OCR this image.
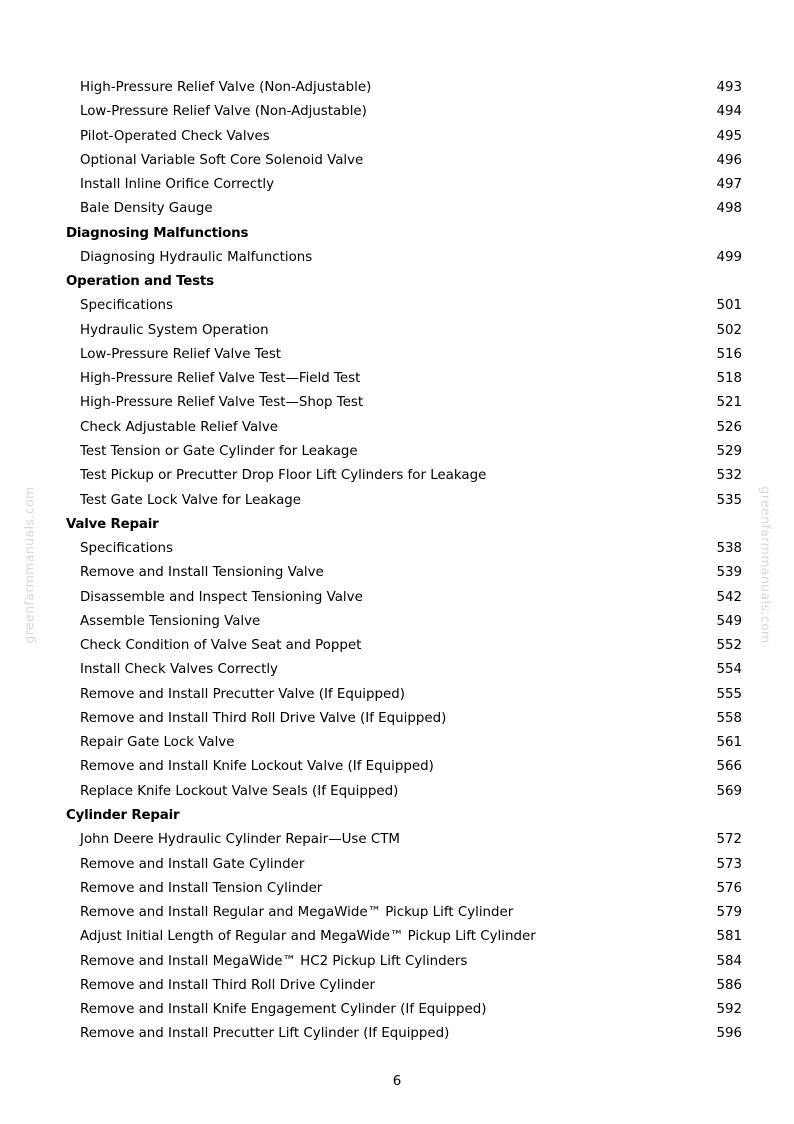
High-Pressure Relief Valve (Non-Adjustable)	493
Low-Pressure Relief Valve (Non-Adjustable)	494
Pilot-Operated Check Valves	495
Optional Variable Soft Core Solenoid Valve	496
Install Inline Orifice Correctly	497
Bale Density Gauge	498
Diagnosing Malfunctions
Diagnosing Hydraulic Malfunctions	499
Operation and Tests
Specifications	501
Hydraulic System Operation	502
Low-Pressure Relief Valve Test	516
High-Pressure Relief Valve Test—Field Test	518
High-Pressure Relief Valve Test—Shop Test	521
Check Adjustable Relief Valve	526
Test Tension or Gate Cylinder for Leakage	529
Test Pickup or Precutter Drop Floor Lift Cylinders for Leakage	532
Test Gate Lock Valve for Leakage	535
Valve Repair
Specifications	538
Remove and Install Tensioning Valve	539
Disassemble and Inspect Tensioning Valve	542
Assemble Tensioning Valve	549
Check Condition of Valve Seat and Poppet	552
Install Check Valves Correctly	554
Remove and Install Precutter Valve (If Equipped)	555
Remove and Install Third Roll Drive Valve (If Equipped)	558
Repair Gate Lock Valve	561
Remove and Install Knife Lockout Valve (If Equipped)	566
Replace Knife Lockout Valve Seals (If Equipped)	569
Cylinder Repair
John Deere Hydraulic Cylinder Repair—Use CTM	572
Remove and Install Gate Cylinder	573
Remove and Install Tension Cylinder	576
Remove and Install Regular and MegaWide™ Pickup Lift Cylinder	579
Adjust Initial Length of Regular and MegaWide™ Pickup Lift Cylinder	581
Remove and Install MegaWide™ HC2 Pickup Lift Cylinders	584
Remove and Install Third Roll Drive Cylinder	586
Remove and Install Knife Engagement Cylinder (If Equipped)	592
Remove and Install Precutter Lift Cylinder (If Equipped)	596
6
greenfarmmanuals.com	greenfarmmanuals.com
